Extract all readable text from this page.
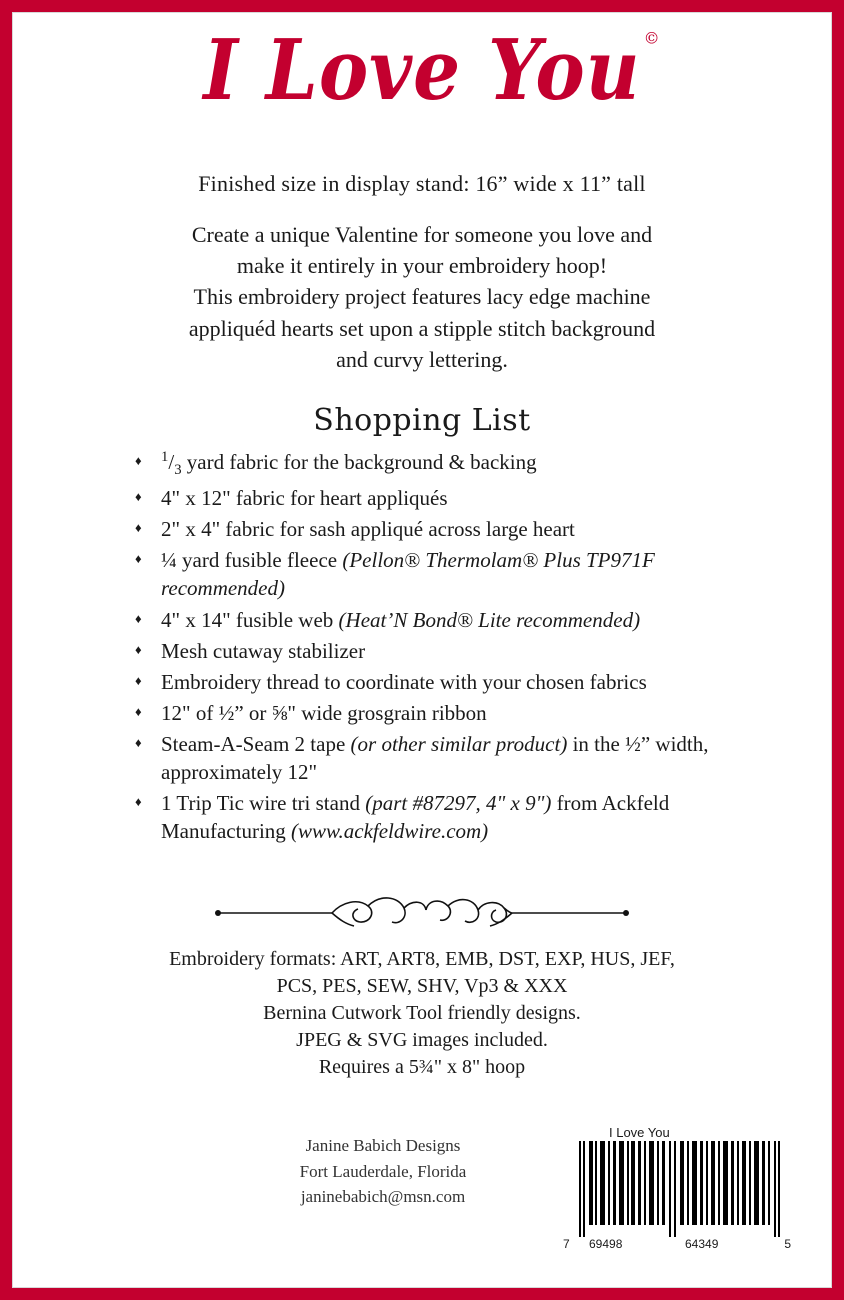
I Love You ©
Finished size in display stand: 16” wide x 11” tall
Create a unique Valentine for someone you love and
make it entirely in your embroidery hoop!
This embroidery project features lacy edge machine
appliquéd hearts set upon a stipple stitch background
and curvy lettering.
Shopping List
♦ $^1/_3$ yard fabric for the background & backing
♦ 4" x 12" fabric for heart appliqués
♦ 2" x 4" fabric for sash appliqué across large heart
♦ ¼ yard fusible fleece (Pellon® Thermolam® Plus TP971F recommended)
♦ 4" x 14" fusible web (Heat’N Bond® Lite recommended)
♦ Mesh cutaway stabilizer
♦ Embroidery thread to coordinate with your chosen fabrics
♦ 12" of ½” or ⅝" wide grosgrain ribbon
♦ Steam-A-Seam 2 tape (or other similar product) in the ½” width, approximately 12"
♦ 1 Trip Tic wire tri stand (part #87297, 4" x 9") from Ackfeld Manufacturing (www.ackfeldwire.com)
Embroidery formats: ART, ART8, EMB, DST, EXP, HUS, JEF,
PCS, PES, SEW, SHV, Vp3 & XXX
Bernina Cutwork Tool friendly designs.
JPEG & SVG images included.
Requires a 5¾" x 8" hoop
Janine Babich Designs
Fort Lauderdale, Florida
janinebabich@msn.com
I Love You
7 69498	64349	5
